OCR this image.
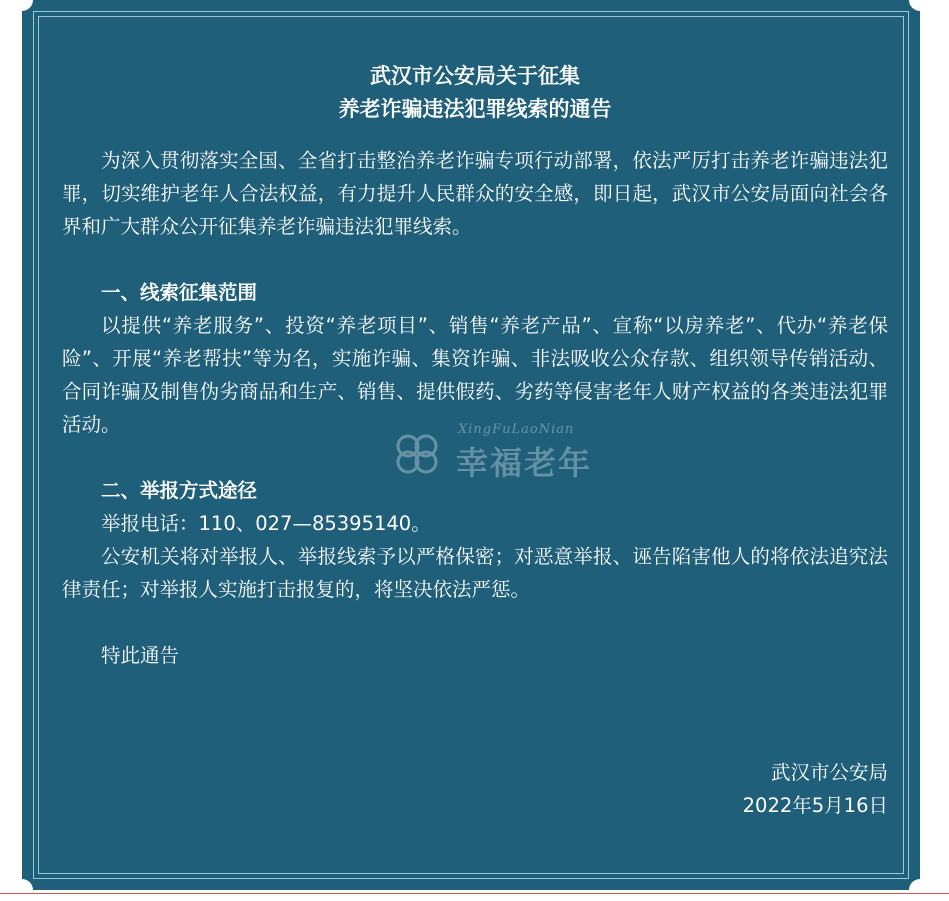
武汉市公安局关于征集
养老诈骗违法犯罪线索的通告

为深入贯彻落实全国、全省打击整治养老诈骗专项行动部署，依法严厉打击养老诈骗违法犯罪，切实维护老年人合法权益，有力提升人民群众的安全感，即日起，武汉市公安局面向社会各界和广大群众公开征集养老诈骗违法犯罪线索。

一、线索征集范围

以提供“养老服务”、投资“养老项目”、销售“养老产品”、宣称“以房养老”、代办“养老保险”、开展“养老帮扶”等为名，实施诈骗、集资诈骗、非法吸收公众存款、组织领导传销活动、合同诈骗及制售伪劣商品和生产、销售、提供假药、劣药等侵害老年人财产权益的各类违法犯罪活动。

二、举报方式途径

举报电话：110、027—85395140。

公安机关将对举报人、举报线索予以严格保密；对恶意举报、诬告陷害他人的将依法追究法律责任；对举报人实施打击报复的，将坚决依法严惩。

特此通告

武汉市公安局
2022年5月16日
XingFuLaoNian
幸福老年
